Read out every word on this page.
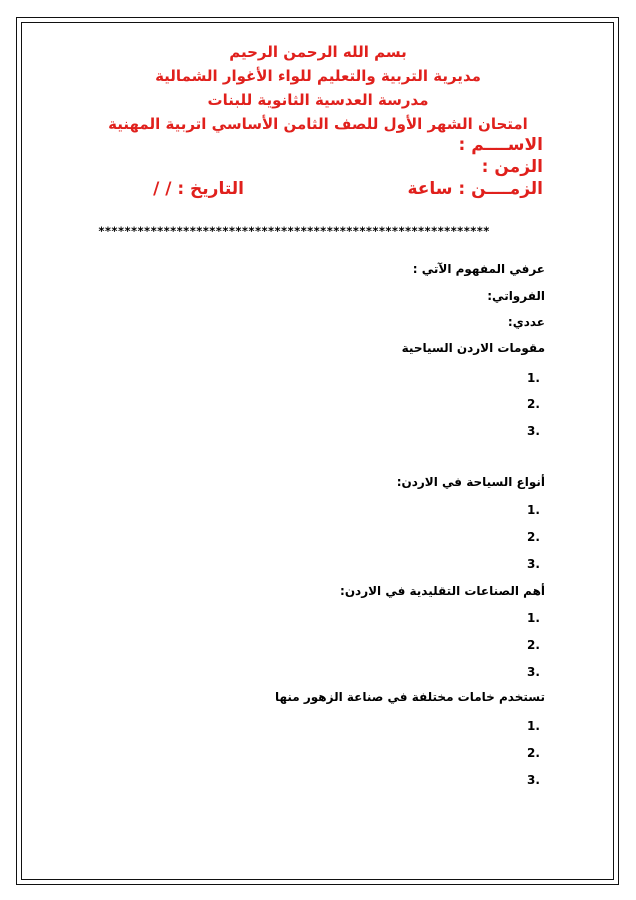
بسم الله الرحمن الرحيم
مديرية التربية والتعليم للواء الأغوار الشمالية
مدرسة العدسية الثانوية للبنات
امتحان الشهر الأول للصف الثامن الأساسي اتربية المهنية
الاســــم :
الزمن :
الزمــــن : ساعة
التاريخ : / /
************************************************************
عرفي المفهوم الآتي :
الفرواتي:
عددي:
مقومات الاردن السياحية
1.
2.
3.
أنواع السياحة في الاردن:
1.
2.
3.
أهم الصناعات التقليدية في الاردن:
1.
2.
3.
تستخدم خامات مختلفة في صناعة الزهور منها
1.
2.
3.
